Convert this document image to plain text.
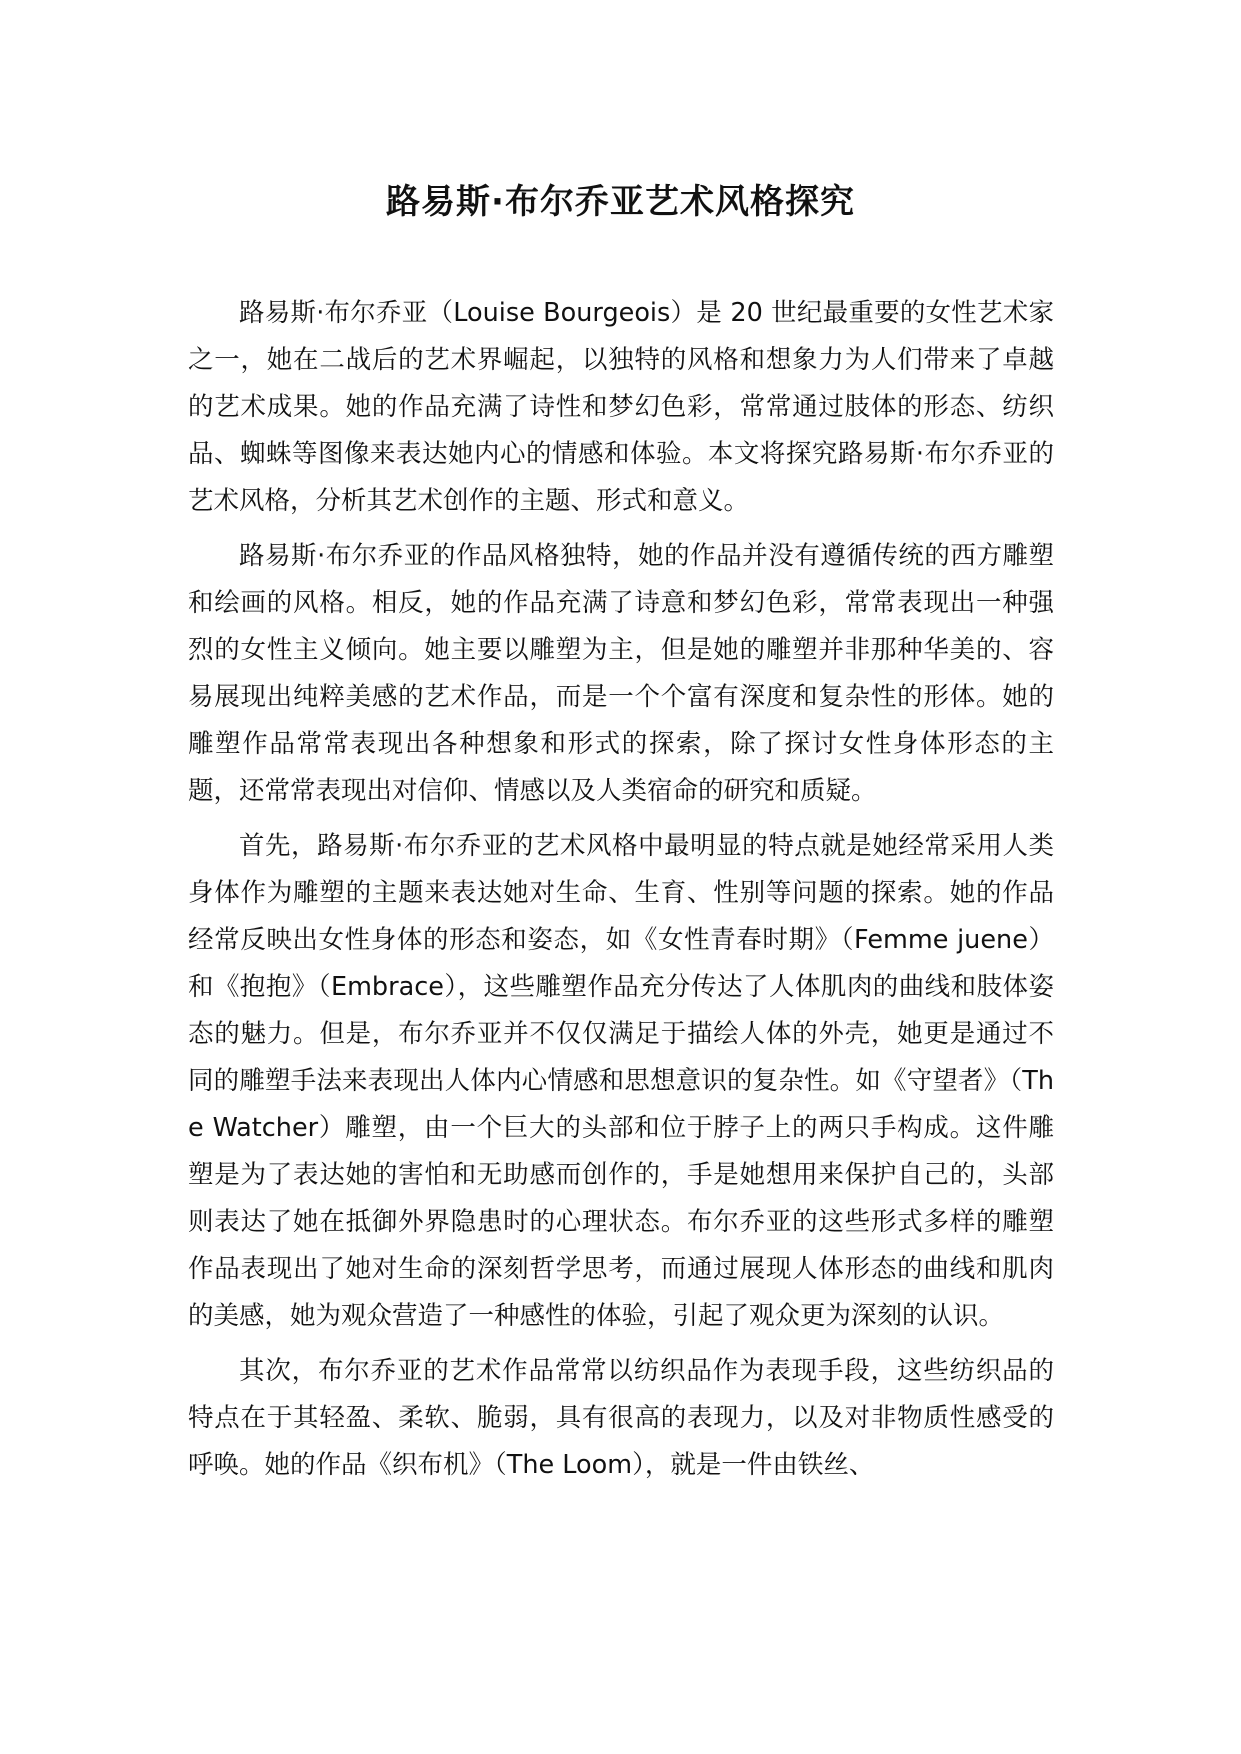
路易斯·布尔乔亚艺术风格探究

路易斯·布尔乔亚（Louise Bourgeois）是 20 世纪最重要的女性艺术家之一，她在二战后的艺术界崛起，以独特的风格和想象力为人们带来了卓越的艺术成果。她的作品充满了诗性和梦幻色彩，常常通过肢体的形态、纺织品、蜘蛛等图像来表达她内心的情感和体验。本文将探究路易斯·布尔乔亚的艺术风格，分析其艺术创作的主题、形式和意义。

路易斯·布尔乔亚的作品风格独特，她的作品并没有遵循传统的西方雕塑和绘画的风格。相反，她的作品充满了诗意和梦幻色彩，常常表现出一种强烈的女性主义倾向。她主要以雕塑为主，但是她的雕塑并非那种华美的、容易展现出纯粹美感的艺术作品，而是一个个富有深度和复杂性的形体。她的雕塑作品常常表现出各种想象和形式的探索，除了探讨女性身体形态的主题，还常常表现出对信仰、情感以及人类宿命的研究和质疑。

首先，路易斯·布尔乔亚的艺术风格中最明显的特点就是她经常采用人类身体作为雕塑的主题来表达她对生命、生育、性别等问题的探索。她的作品经常反映出女性身体的形态和姿态，如《女性青春时期》（Femme juene）和《抱抱》（Embrace），这些雕塑作品充分传达了人体肌肉的曲线和肢体姿态的魅力。但是，布尔乔亚并不仅仅满足于描绘人体的外壳，她更是通过不同的雕塑手法来表现出人体内心情感和思想意识的复杂性。如《守望者》（The Watcher）雕塑，由一个巨大的头部和位于脖子上的两只手构成。这件雕塑是为了表达她的害怕和无助感而创作的，手是她想用来保护自己的，头部则表达了她在抵御外界隐患时的心理状态。布尔乔亚的这些形式多样的雕塑作品表现出了她对生命的深刻哲学思考，而通过展现人体形态的曲线和肌肉的美感，她为观众营造了一种感性的体验，引起了观众更为深刻的认识。

其次，布尔乔亚的艺术作品常常以纺织品作为表现手段，这些纺织品的特点在于其轻盈、柔软、脆弱，具有很高的表现力，以及对非物质性感受的呼唤。她的作品《织布机》（The Loom），就是一件由铁丝、
